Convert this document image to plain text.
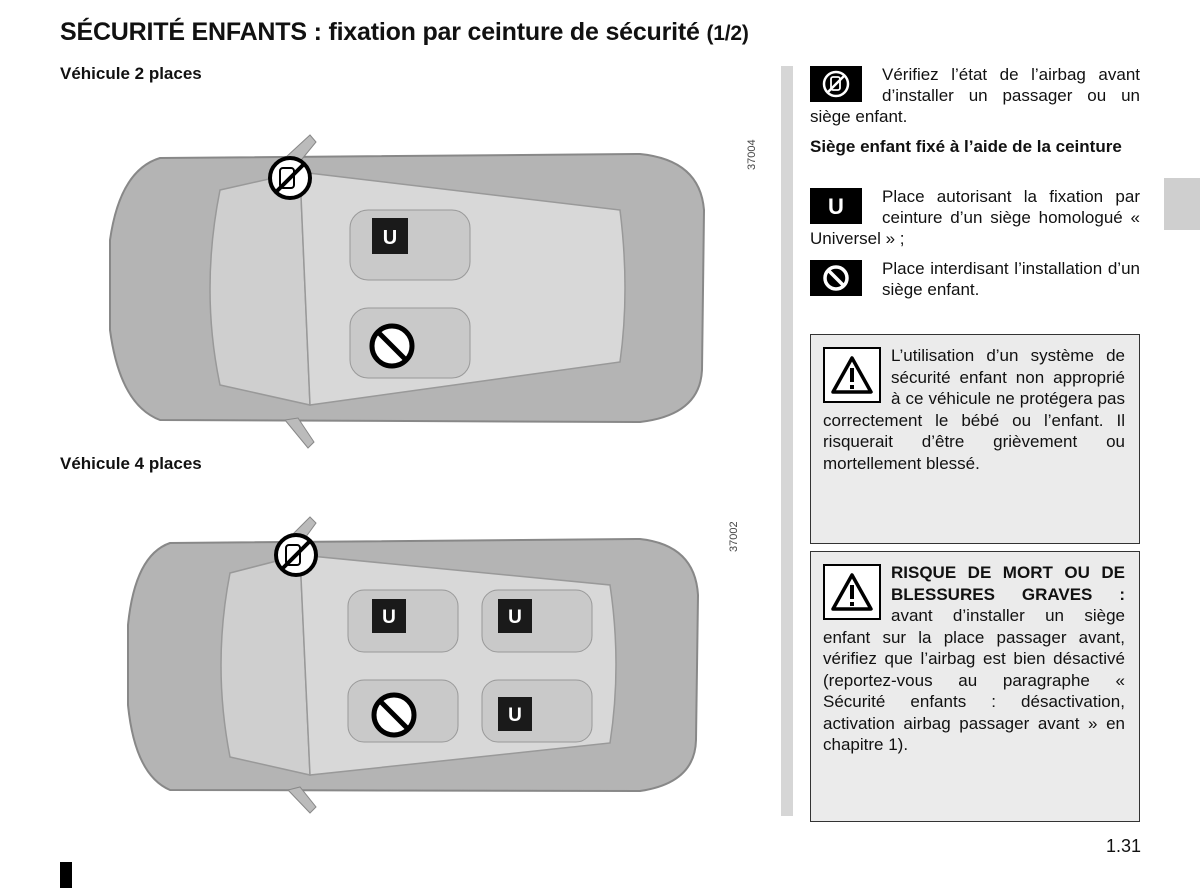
SÉCURITÉ ENFANTS : fixation par ceinture de sécurité (1/2)
Véhicule 2 places
37004
U
Véhicule 4 places
37002
U	U
U
Vérifiez l’état de l’airbag avant d’installer un passager ou un siège enfant.
Siège enfant fixé à l’aide de la ceinture
U Place autorisant la fixation par ceinture d’un siège homologué « Universel » ;
Place interdisant l’installation d’un siège enfant.
L’utilisation d’un système de sécurité enfant non approprié à ce véhicule ne protégera pas correctement le bébé ou l’enfant. Il risquerait d’être grièvement ou mortellement blessé.
RISQUE DE MORT OU DE BLESSURES GRAVES : avant d’installer un siège enfant sur la place passager avant, vérifiez que l’airbag est bien désactivé (reportez-vous au paragraphe « Sécurité enfants : désactivation, activation airbag passager avant » en chapitre 1).
1.31
